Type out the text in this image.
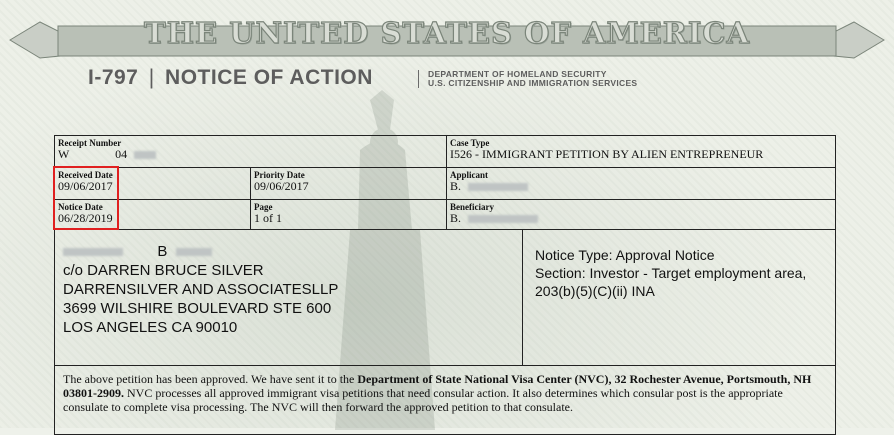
THE UNITED STATES OF AMERICA
I-797 | NOTICE OF ACTION	DEPARTMENT OF HOMELAND SECURITY
U.S. CITIZENSHIP AND IMMIGRATION SERVICES
Receipt Number
W	04
Case Type
I526 - IMMIGRANT PETITION BY ALIEN ENTREPRENEUR
Received Date
09/06/2017
Priority Date
09/06/2017
Applicant
B.
Notice Date
06/28/2019
Page
1 of 1
Beneficiary
B.
B
c/o DARREN BRUCE SILVER
DARRENSILVER AND ASSOCIATESLLP
3699 WILSHIRE BOULEVARD STE 600
LOS ANGELES CA 90010
Notice Type: Approval Notice
Section: Investor - Target employment area,
203(b)(5)(C)(ii) INA
The above petition has been approved. We have sent it to the Department of State National Visa Center (NVC), 32 Rochester Avenue, Portsmouth, NH 03801-2909. NVC processes all approved immigrant visa petitions that need consular action. It also determines which consular post is the appropriate consulate to complete visa processing. The NVC will then forward the approved petition to that consulate.
